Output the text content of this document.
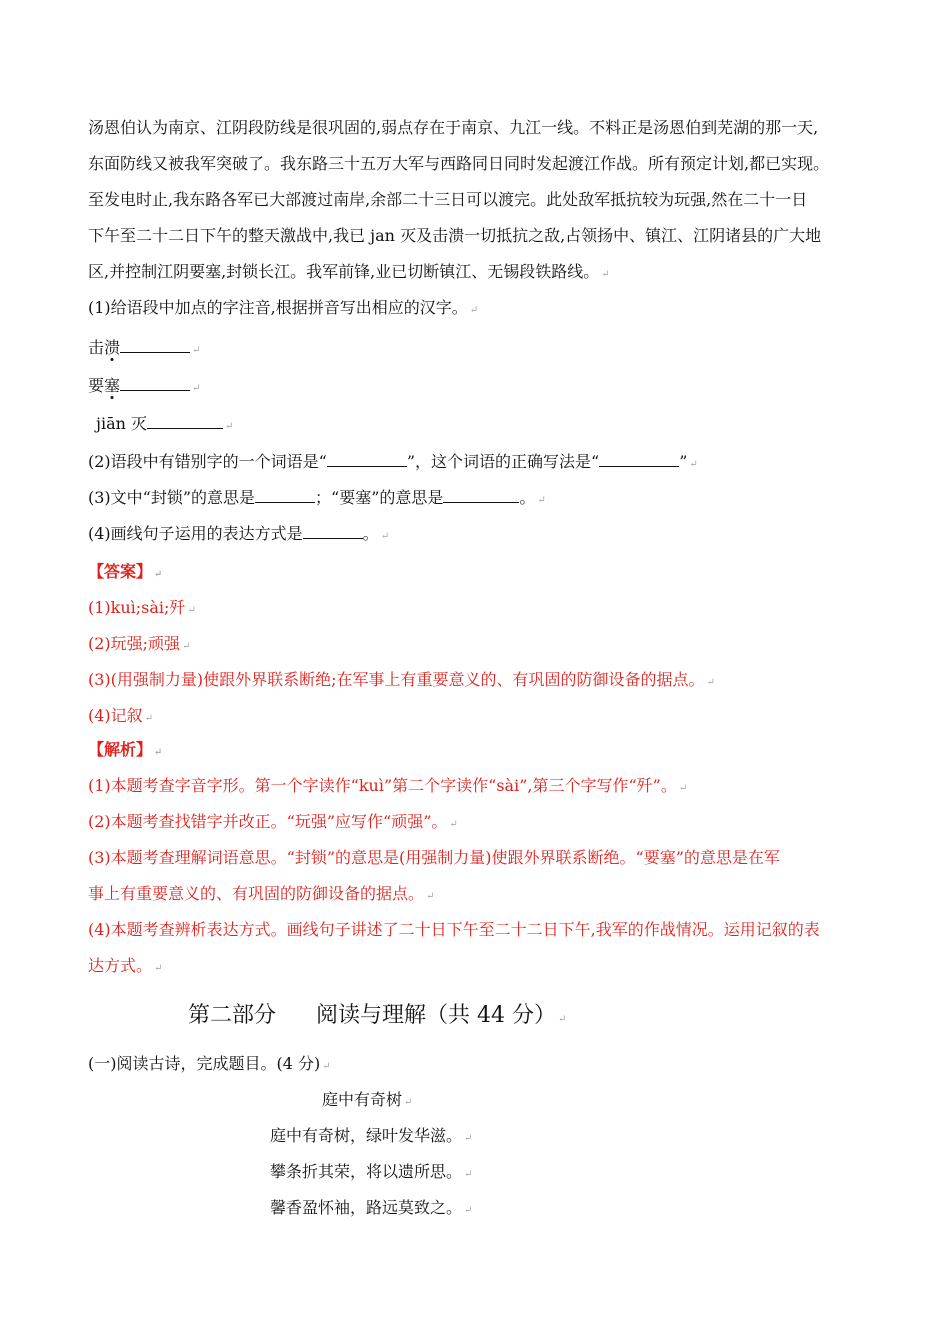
汤恩伯认为南京、江阴段防线是很巩固的,弱点存在于南京、九江一线。不料正是汤恩伯到芜湖的那一天,
东面防线又被我军突破了。我东路三十五万大军与西路同日同时发起渡江作战。所有预定计划,都已实现。
至发电时止,我东路各军已大部渡过南岸,余部二十三日可以渡完。此处敌军抵抗较为玩强,然在二十一日
下午至二十二日下午的整天激战中,我已 jan 灭及击溃一切抵抗之敌,占领扬中、镇江、江阴诸县的广大地
区,并控制江阴要塞,封锁长江。我军前锋,业已切断镇江、无锡段铁路线。 ↵
(1)给语段中加点的字注音,根据拼音写出相应的汉字。 ↵
击溃	↵
要塞	↵
jiān 灭	↵
(2)语段中有错别字的一个词语是“	”，这个词语的正确写法是“	” ↵
(3)文中“封锁”的意思是	；“要塞”的意思是	。 ↵
(4)画线句子运用的表达方式是	。 ↵
【答案】 ↵
(1)kuì;sài;歼 ↵
(2)玩强;顽强 ↵
(3)(用强制力量)使跟外界联系断绝;在军事上有重要意义的、有巩固的防御设备的据点。 ↵
(4)记叙 ↵
【解析】 ↵
(1)本题考查字音字形。第一个字读作“kuì”第二个字读作“sài”,第三个字写作“歼”。 ↵
(2)本题考查找错字并改正。“玩强”应写作“顽强”。 ↵
(3)本题考查理解词语意思。“封锁”的意思是(用强制力量)使跟外界联系断绝。“要塞”的意思是在军
事上有重要意义的、有巩固的防御设备的据点。 ↵
(4)本题考查辨析表达方式。画线句子讲述了二十日下午至二十二日下午,我军的作战情况。运用记叙的表
达方式。 ↵
第二部分 阅读与理解（共 44 分） ↵
(一)阅读古诗，完成题目。(4 分) ↵
庭中有奇树 ↵
庭中有奇树，绿叶发华滋。 ↵
攀条折其荣，将以遗所思。 ↵
馨香盈怀袖，路远莫致之。 ↵
